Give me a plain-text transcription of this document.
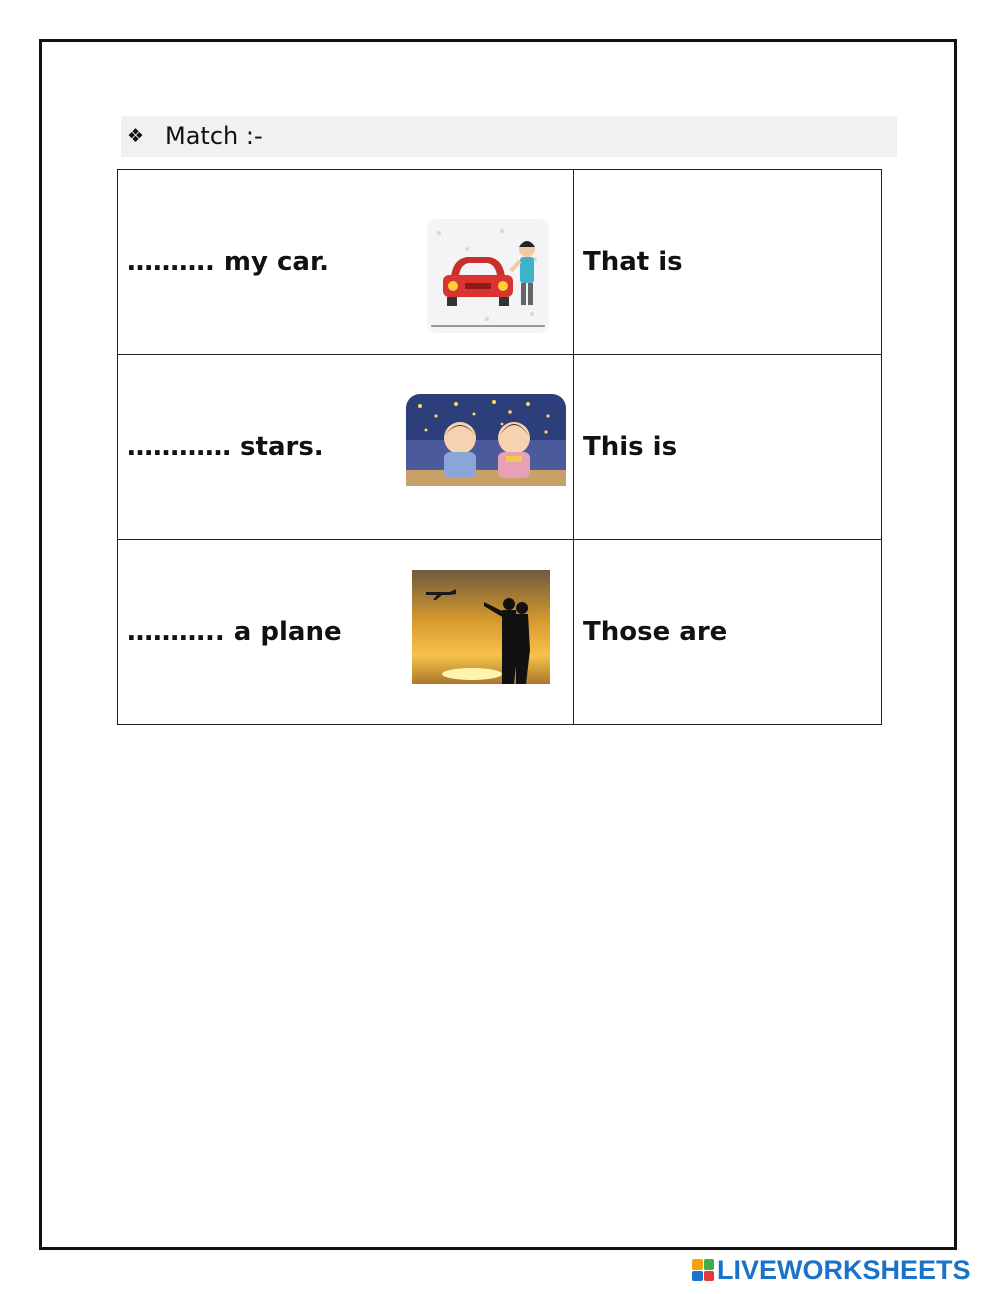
❖ Match :-
………. my car.	That is

………… stars.	This is

……….. a plane	Those are
LIVEWORKSHEETS
